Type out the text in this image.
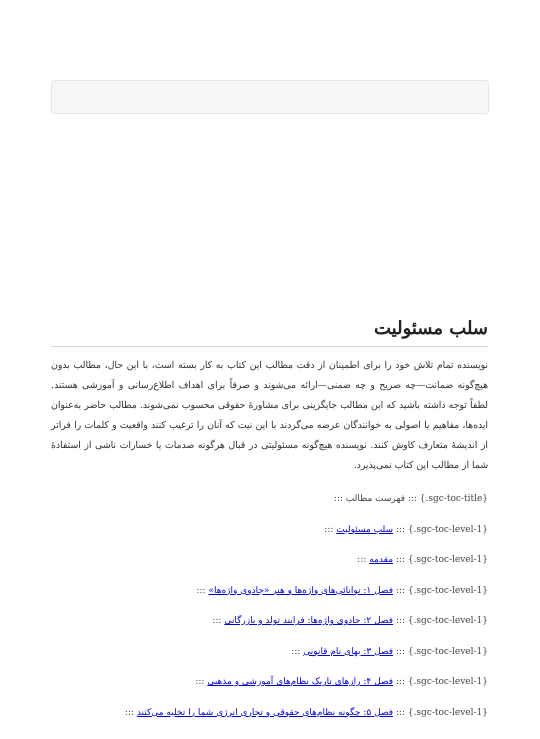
سلب مسئولیت

نویسنده تمام تلاش خود را برای اطمینان از دقت مطالب این کتاب به کار بسته است، با این حال، مطالب بدون هیچ‌گونه ضمانت—چه صریح و چه ضمنی—ارائه می‌شوند و صرفاً برای اهداف اطلاع‌رسانی و آموزشی هستند. لطفاً توجه داشته باشید که این مطالب جایگزینی برای مشاورهٔ حقوقی محسوب نمی‌شوند. مطالب حاضر به‌عنوان ایده‌ها، مفاهیم یا اصولی به خوانندگان عرضه می‌گردند با این نیت که آنان را ترغیب کنند واقعیت و کلمات را فراتر از اندیشهٔ متعارف کاوش کنند. نویسنده هیچ‌گونه مسئولیتی در قبال هرگونه صدمات یا خسارات ناشی از استفادهٔ شما از مطالب این کتاب نمی‌پذیرد.

::: {.sgc-toc-title} فهرست مطالب :::
::: {.sgc-toc-level-1} سلب مسئولیت :::
::: {.sgc-toc-level-1} مقدمه :::
::: {.sgc-toc-level-1} فصل ۱: توانائی‌های واژه‌ها و هنر «جادوی واژه‌ها» :::
::: {.sgc-toc-level-1} فصل ۲: جادوی واژه‌ها: فرایند تولد و بازرگانی :::
::: {.sgc-toc-level-1} فصل ۳: بهای نام قانونی :::
::: {.sgc-toc-level-1} فصل ۴: رازهای تاریک نظام‌های آموزشی و مذهبی :::
::: {.sgc-toc-level-1} فصل ۵: چگونه نظام‌های حقوقی و تجاری انرژی شما را تخلیه می‌کنند :::
